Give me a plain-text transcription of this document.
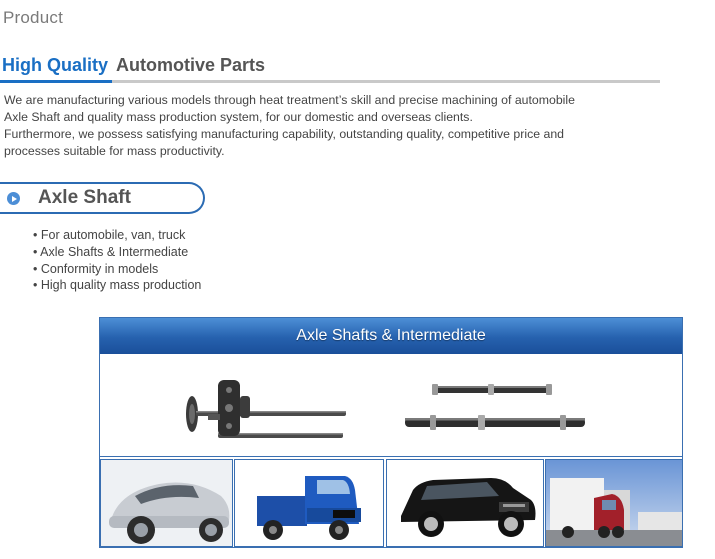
Product
High Quality Automotive Parts

We are manufacturing various models through heat treatment’s skill and precise machining of automobile

Axle Shaft and quality mass production system, for our domestic and overseas clients.

Furthermore, we possess satisfying manufacturing capability, outstanding quality, competitive price and

processes suitable for mass productivity.

Axle Shaft
• For automobile, van, truck
• Axle Shafts & Intermediate
• Conformity in models
• High quality mass production
Axle Shafts & Intermediate
